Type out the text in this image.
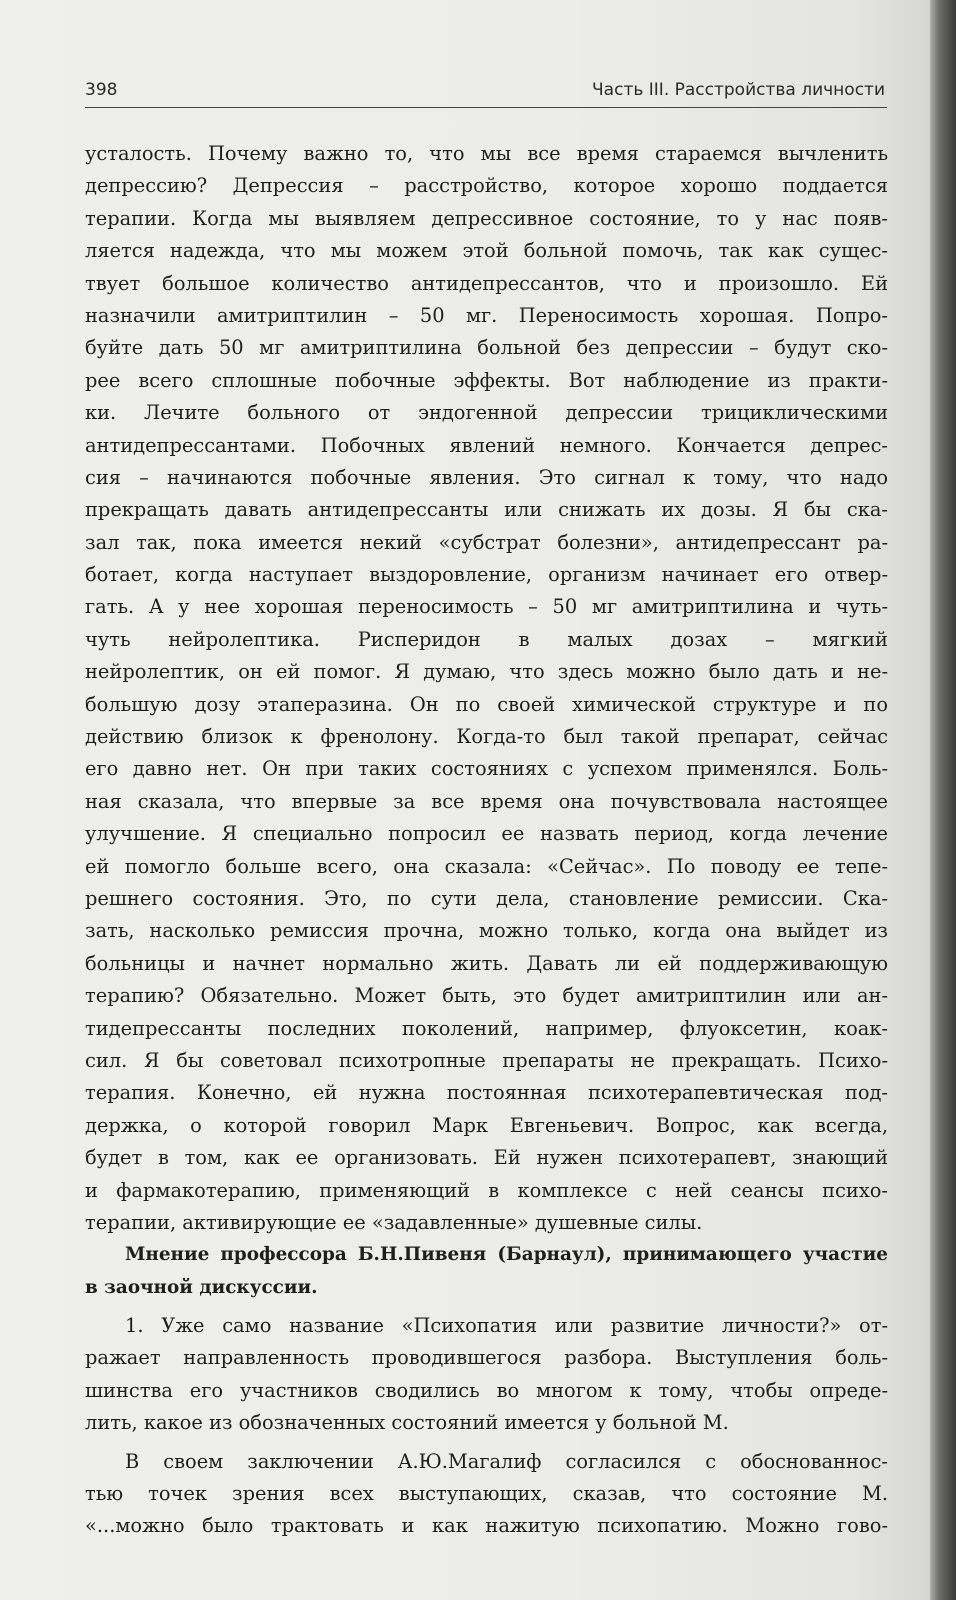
398	Часть III. Расстройства личности
усталость. Почему важно то, что мы все время стараемся вычленить
депрессию? Депрессия – расстройство, которое хорошо поддается
терапии. Когда мы выявляем депрессивное состояние, то у нас появ-
ляется надежда, что мы можем этой больной помочь, так как сущес-
твует большое количество антидепрессантов, что и произошло. Ей
назначили амитриптилин – 50 мг. Переносимость хорошая. Попро-
буйте дать 50 мг амитриптилина больной без депрессии – будут ско-
рее всего сплошные побочные эффекты. Вот наблюдение из практи-
ки. Лечите больного от эндогенной депрессии трициклическими
антидепрессантами. Побочных явлений немного. Кончается депрес-
сия – начинаются побочные явления. Это сигнал к тому, что надо
прекращать давать антидепрессанты или снижать их дозы. Я бы ска-
зал так, пока имеется некий «субстрат болезни», антидепрессант ра-
ботает, когда наступает выздоровление, организм начинает его отвер-
гать. А у нее хорошая переносимость – 50 мг амитриптилина и чуть-
чуть нейролептика. Рисперидон в малых дозах – мягкий
нейролептик, он ей помог. Я думаю, что здесь можно было дать и не-
большую дозу этаперазина. Он по своей химической структуре и по
действию близок к френолону. Когда-то был такой препарат, сейчас
его давно нет. Он при таких состояниях с успехом применялся. Боль-
ная сказала, что впервые за все время она почувствовала настоящее
улучшение. Я специально попросил ее назвать период, когда лечение
ей помогло больше всего, она сказала: «Сейчас». По поводу ее тепе-
решнего состояния. Это, по сути дела, становление ремиссии. Ска-
зать, насколько ремиссия прочна, можно только, когда она выйдет из
больницы и начнет нормально жить. Давать ли ей поддерживающую
терапию? Обязательно. Может быть, это будет амитриптилин или ан-
тидепрессанты последних поколений, например, флуоксетин, коак-
сил. Я бы советовал психотропные препараты не прекращать. Психо-
терапия. Конечно, ей нужна постоянная психотерапевтическая под-
держка, о которой говорил Марк Евгеньевич. Вопрос, как всегда,
будет в том, как ее организовать. Ей нужен психотерапевт, знающий
и фармакотерапию, применяющий в комплексе с ней сеансы психо-
терапии, активирующие ее «задавленные» душевные силы.
Мнение профессора Б.Н.Пивеня (Барнаул), принимающего участие
в заочной дискуссии.
1. Уже само название «Психопатия или развитие личности?» от-
ражает направленность проводившегося разбора. Выступления боль-
шинства его участников сводились во многом к тому, чтобы опреде-
лить, какое из обозначенных состояний имеется у больной М.
В своем заключении А.Ю.Магалиф согласился с обоснованнос-
тью точек зрения всех выступающих, сказав, что состояние М.
«...можно было трактовать и как нажитую психопатию. Можно гово-
